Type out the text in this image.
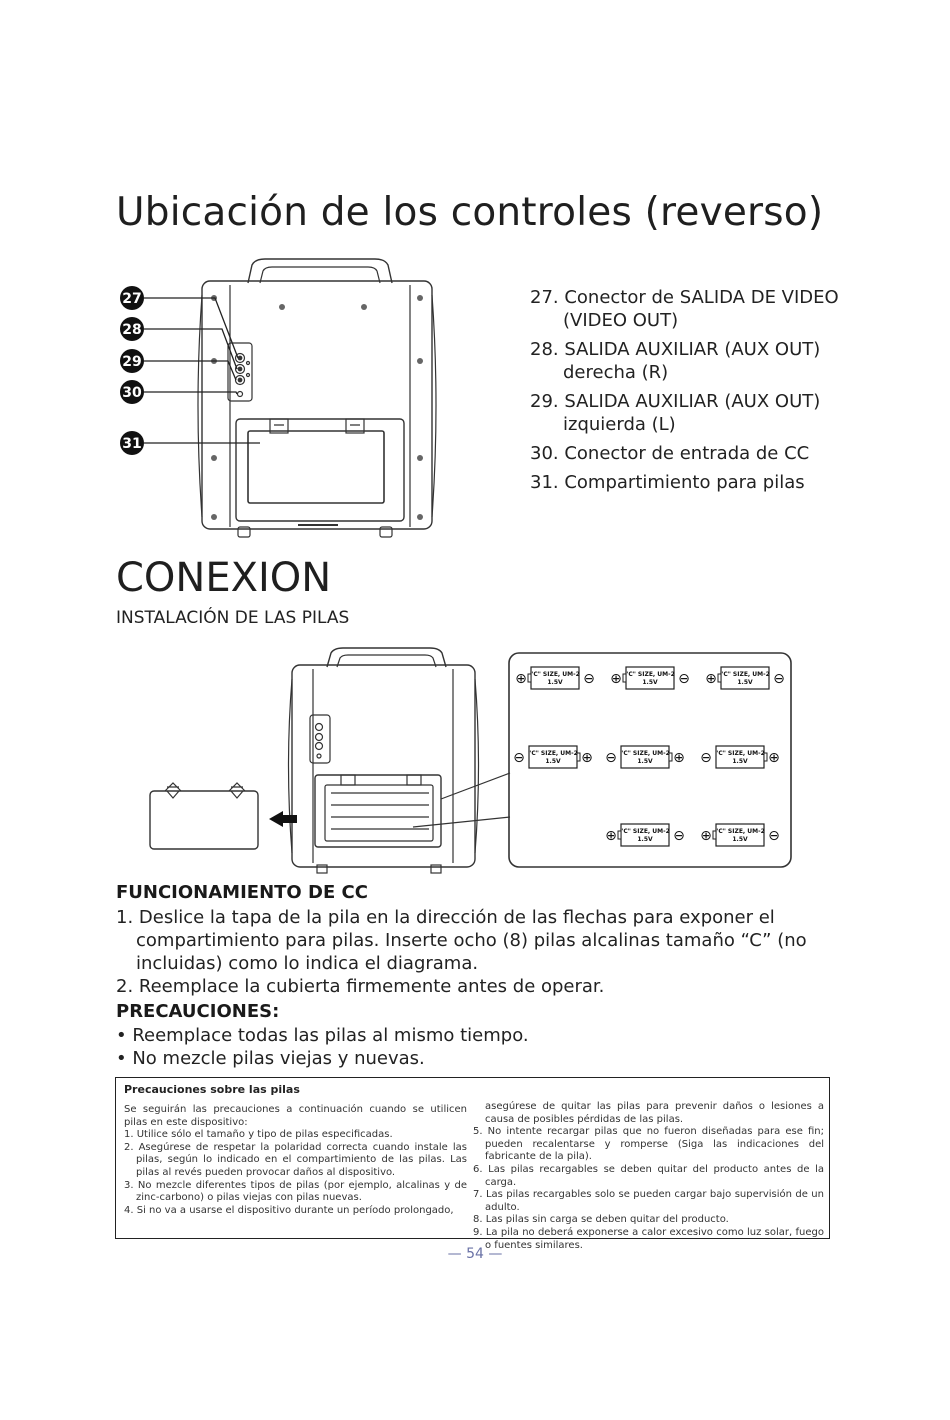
Ubicación de los controles (reverso)
27
28
29
30
31
27. Conector de SALIDA DE VIDEO (VIDEO OUT)
28. SALIDA AUXILIAR (AUX OUT) derecha (R)
29. SALIDA AUXILIAR (AUX OUT) izquierda (L)
30. Conector de entrada de CC
31. Compartimiento para pilas
CONEXION
INSTALACIÓN DE LAS PILAS
"C" SIZE, UM-2
1.5V
⊕	⊖	"C" SIZE, UM-2
1.5V
⊕	⊖	"C" SIZE, UM-2
1.5V
⊕	⊖
"C" SIZE, UM-2
1.5V
⊖	⊕	"C" SIZE, UM-2
1.5V
⊖	⊕	"C" SIZE, UM-2
1.5V
⊖	⊕
"C" SIZE, UM-2
1.5V
⊕	⊖	"C" SIZE, UM-2
1.5V
⊕	⊖
FUNCIONAMIENTO DE CC
1. Deslice la tapa de la pila en la dirección de las flechas para exponer el compartimiento para pilas. Inserte ocho (8) pilas alcalinas tamaño “C” (no incluidas) como lo indica el diagrama.
2. Reemplace la cubierta firmemente antes de operar.
PRECAUCIONES:
• Reemplace todas las pilas al mismo tiempo.
• No mezcle pilas viejas y nuevas.
Precauciones sobre las pilas

Se seguirán las precauciones a continuación cuando se utilicen pilas en este dispositivo:

1. Utilice sólo el tamaño y tipo de pilas especificadas.
2. Asegúrese de respetar la polaridad correcta cuando instale las pilas, según lo indicado en el compartimiento de las pilas. Las pilas al revés pueden provocar daños al dispositivo.
3. No mezcle diferentes tipos de pilas (por ejemplo, alcalinas y de zinc-carbono) o pilas viejas con pilas nuevas.
4. Si no va a usarse el dispositivo durante un período prolongado,

asegúrese de quitar las pilas para prevenir daños o lesiones a causa de posibles pérdidas de las pilas.

5. No intente recargar pilas que no fueron diseñadas para ese fin; pueden recalentarse y romperse (Siga las indicaciones del fabricante de la pila).
6. Las pilas recargables se deben quitar del producto antes de la carga.
7. Las pilas recargables solo se pueden cargar bajo supervisión de un adulto.
8. Las pilas sin carga se deben quitar del producto.
9. La pila no deberá exponerse a calor excesivo como luz solar, fuego o fuentes similares.
— 54 —
